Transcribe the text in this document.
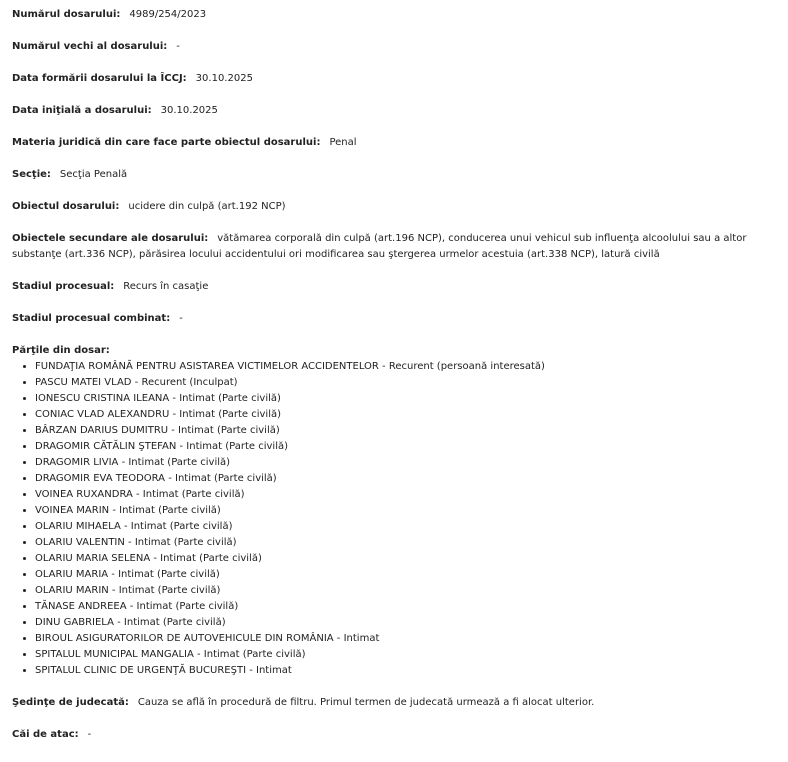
Numărul dosarului: 4989/254/2023
Numărul vechi al dosarului: -
Data formării dosarului la ÎCCJ: 30.10.2025
Data iniţială a dosarului: 30.10.2025
Materia juridică din care face parte obiectul dosarului: Penal
Secţie: Secţia Penală
Obiectul dosarului: ucidere din culpă (art.192 NCP)
Obiectele secundare ale dosarului: vătămarea corporală din culpă (art.196 NCP), conducerea unui vehicul sub influenţa alcoolului sau a altor substanţe (art.336 NCP), părăsirea locului accidentului ori modificarea sau ştergerea urmelor acestuia (art.338 NCP), latură civilă
Stadiul procesual: Recurs în casaţie
Stadiul procesual combinat: -
Părţile din dosar:
• FUNDAŢIA ROMÂNĂ PENTRU ASISTAREA VICTIMELOR ACCIDENTELOR - Recurent (persoană interesată)
• PASCU MATEI VLAD - Recurent (Inculpat)
• IONESCU CRISTINA ILEANA - Intimat (Parte civilă)
• CONIAC VLAD ALEXANDRU - Intimat (Parte civilă)
• BÂRZAN DARIUS DUMITRU - Intimat (Parte civilă)
• DRAGOMIR CĂTĂLIN ŞTEFAN - Intimat (Parte civilă)
• DRAGOMIR LIVIA - Intimat (Parte civilă)
• DRAGOMIR EVA TEODORA - Intimat (Parte civilă)
• VOINEA RUXANDRA - Intimat (Parte civilă)
• VOINEA MARIN - Intimat (Parte civilă)
• OLARIU MIHAELA - Intimat (Parte civilă)
• OLARIU VALENTIN - Intimat (Parte civilă)
• OLARIU MARIA SELENA - Intimat (Parte civilă)
• OLARIU MARIA - Intimat (Parte civilă)
• OLARIU MARIN - Intimat (Parte civilă)
• TĂNASE ANDREEA - Intimat (Parte civilă)
• DINU GABRIELA - Intimat (Parte civilă)
• BIROUL ASIGURATORILOR DE AUTOVEHICULE DIN ROMÂNIA - Intimat
• SPITALUL MUNICIPAL MANGALIA - Intimat (Parte civilă)
• SPITALUL CLINIC DE URGENŢĂ BUCUREŞTI - Intimat
Şedinţe de judecată: Cauza se află în procedură de filtru. Primul termen de judecată urmează a fi alocat ulterior.
Căi de atac: -
